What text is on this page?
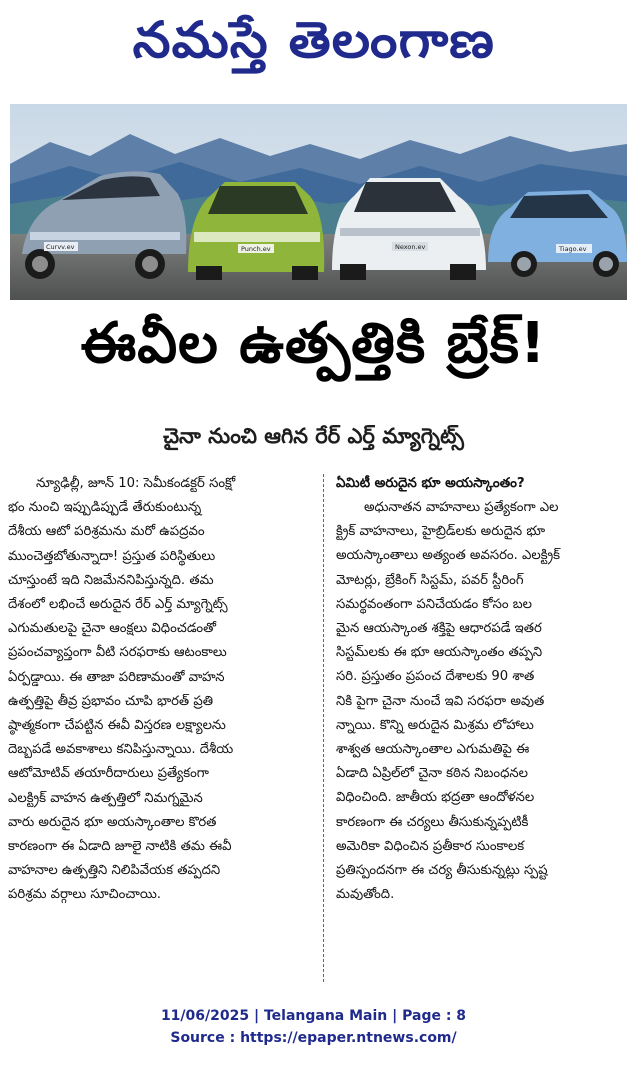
నమస్తే తెలంగాణ
Curvv.ev	Punch.ev	Nexon.ev	Tiago.ev
ఈవీల ఉత్పత్తికి బ్రేక్!
చైనా నుంచి ఆగిన రేర్ ఎర్త్ మ్యాగ్నెట్స్
న్యూఢిల్లీ, జూన్ 10: సెమీకండక్టర్ సంక్షో
భం నుంచి ఇప్పుడిప్పుడే తేరుకుంటున్న
దేశీయ ఆటో పరిశ్రమను మరో ఉపద్రవం
ముంచెత్తబోతున్నాదా! ప్రస్తుత పరిస్థితులు
చూస్తుంటే ఇది నిజమేననిపిస్తున్నది. తమ
దేశంలో లభించే అరుదైన రేర్ ఎర్త్ మ్యాగ్నెట్స్
ఎగుమతులపై చైనా ఆంక్షలు విధించడంతో
ప్రపంచవ్యాప్తంగా వీటి సరఫరాకు ఆటంకాలు
ఏర్పడ్డాయి. ఈ తాజా పరిణామంతో వాహన
ఉత్పత్తిపై తీవ్ర ప్రభావం చూపి భారత్ ప్రతి
ష్ఠాత్మకంగా చేపట్టిన ఈవీ విస్తరణ లక్ష్యాలను
దెబ్బపడే అవకాశాలు కనిపిస్తున్నాయి. దేశీయ
ఆటోమోటివ్ తయారీదారులు ప్రత్యేకంగా
ఎలక్ట్రిక్ వాహన ఉత్పత్తిలో నిమగ్నమైన
వారు అరుదైన భూ అయస్కాంతాల కొరత
కారణంగా ఈ ఏడాది జూలై నాటికి తమ ఈవీ
వాహనాల ఉత్పత్తిని నిలిపివేయక తప్పదని
పరిశ్రమ వర్గాలు సూచించాయి.
ఏమిటీ అరుదైన భూ అయస్కాంతం?
అధునాతన వాహనాలు ప్రత్యేకంగా ఎల
క్ట్రిక్ వాహనాలు, హైబ్రిడ్‌లకు అరుదైన భూ
అయస్కాంతాలు అత్యంత అవసరం. ఎలక్ట్రిక్
మోటర్లు, బ్రేకింగ్ సిస్టమ్, పవర్ స్టీరింగ్
సమర్థవంతంగా పనిచేయడం కోసం బల
మైన ఆయస్కాంత శక్తిపై ఆధారపడే ఇతర
సిస్టమ్‌లకు ఈ భూ ఆయస్కాంతం తప్పని
సరి. ప్రస్తుతం ప్రపంచ దేశాలకు 90 శాత
నికి పైగా చైనా నుంచే ఇవి సరఫరా అవుత
న్నాయి. కొన్ని అరుదైన మిశ్రమ లోహాలు
శాశ్వత ఆయస్కాంతాల ఎగుమతిపై ఈ
ఏడాది ఏప్రిల్‌లో చైనా కఠిన నిబంధనల
విధించింది. జాతీయ భద్రతా ఆందోళనల
కారణంగా ఈ చర్యలు తీసుకున్నప్పటికీ
అమెరికా విధించిన ప్రతీకార సుంకాలక
ప్రతిస్పందనగా ఈ చర్య తీసుకున్నట్లు స్పష్ట
మవుతోంది.
11/06/2025 | Telangana Main | Page : 8
Source : https://epaper.ntnews.com/
